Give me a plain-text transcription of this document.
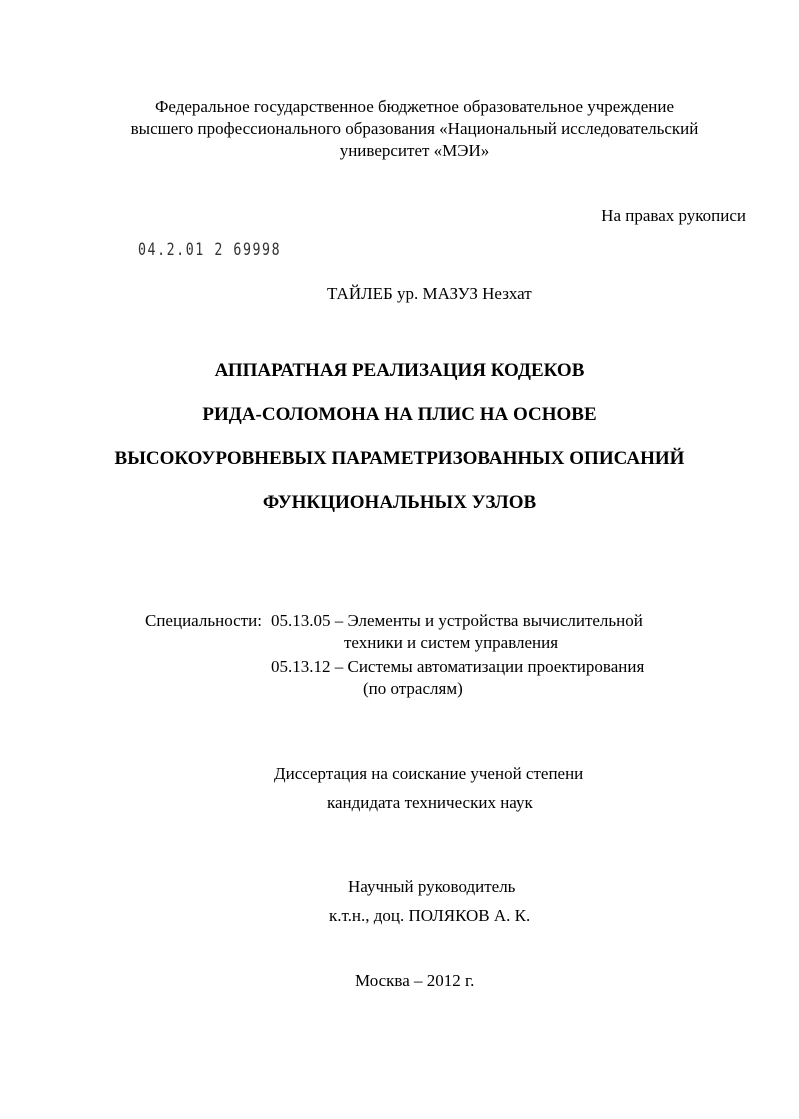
Федеральное государственное бюджетное образовательное учреждение
высшего профессионального образования «Национальный исследовательский
университет «МЭИ»
На правах рукописи
04.2.01 2 69998
ТАЙЛЕБ ур. МАЗУЗ Незхат
АППАРАТНАЯ РЕАЛИЗАЦИЯ КОДЕКОВ
РИДА-СОЛОМОНА НА ПЛИС НА ОСНОВЕ
ВЫСОКОУРОВНЕВЫХ ПАРАМЕТРИЗОВАННЫХ ОПИСАНИЙ
ФУНКЦИОНАЛЬНЫХ УЗЛОВ
Специальности: 05.13.05 – Элементы и устройства вычислительной
техники и систем управления
05.13.12 – Системы автоматизации проектирования
(по отраслям)
Диссертация на соискание ученой степени
кандидата технических наук
Научный руководитель
к.т.н., доц. ПОЛЯКОВ А. К.
Москва – 2012 г.
